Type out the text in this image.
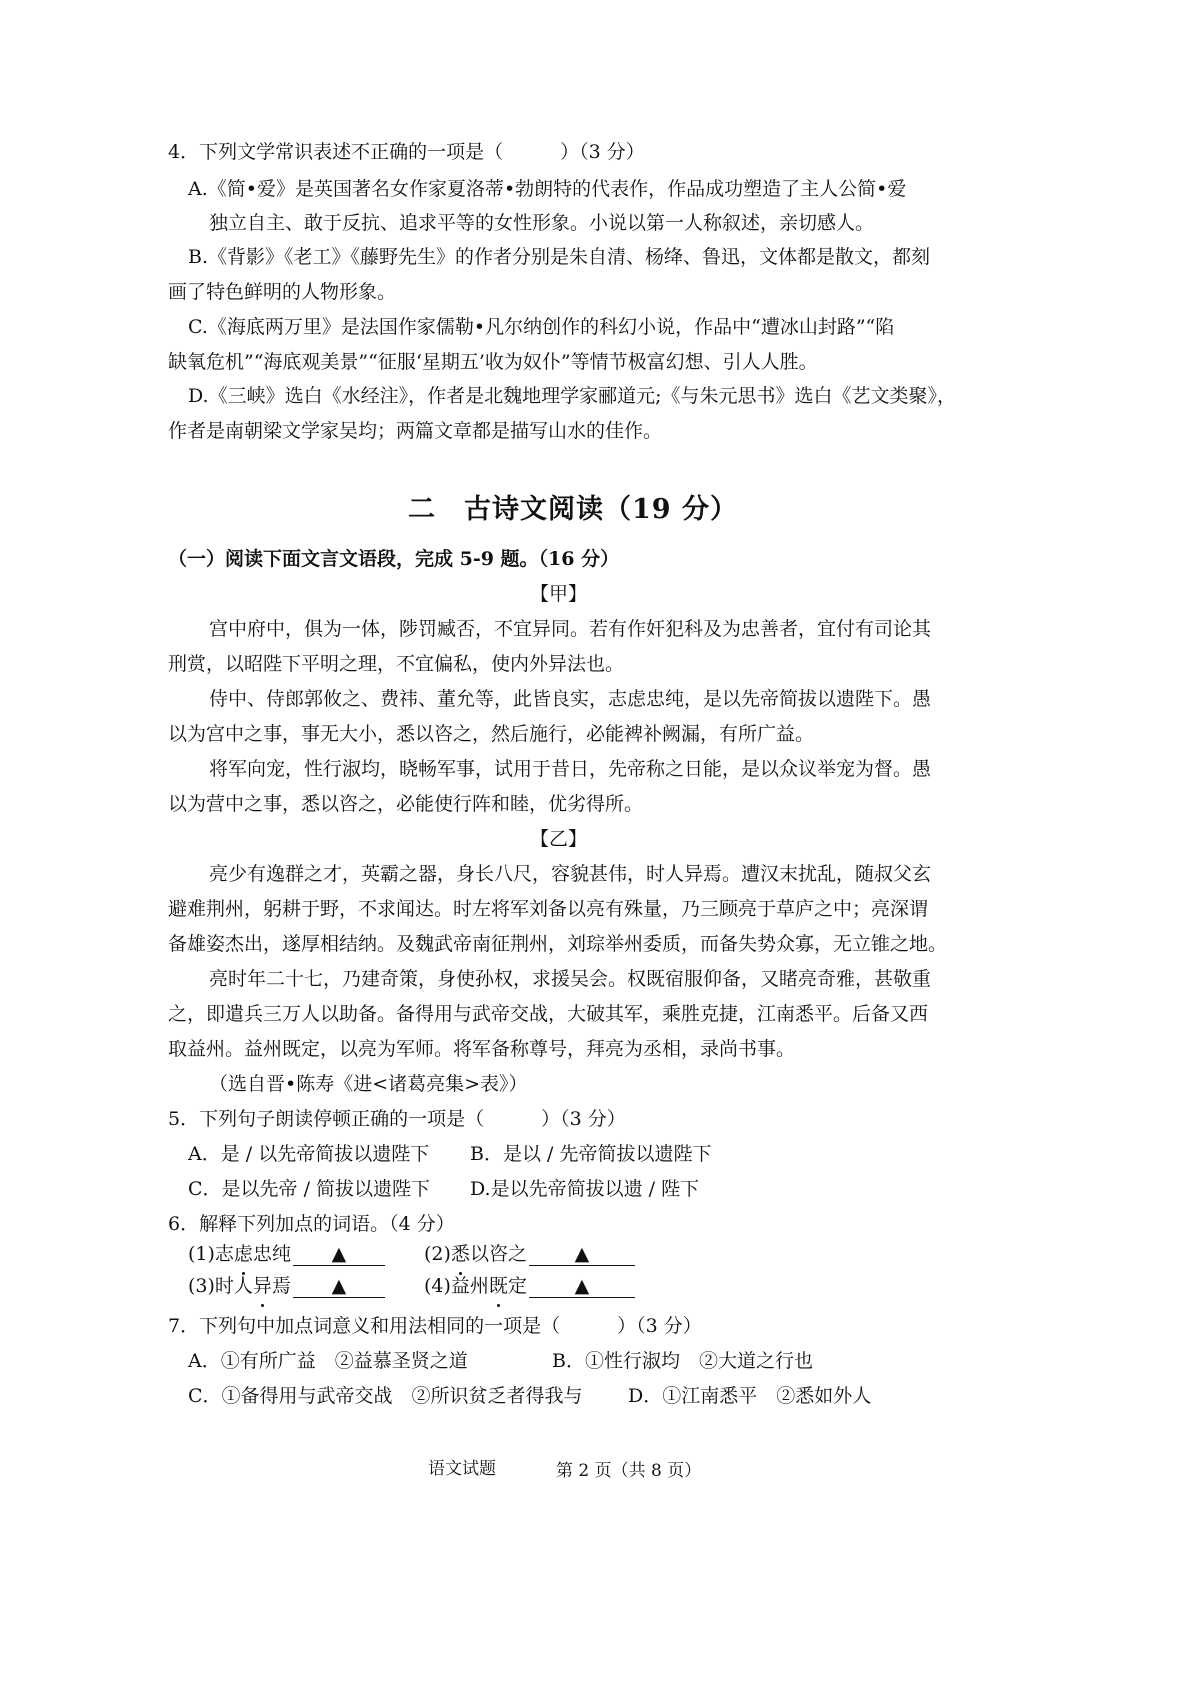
4．下列文学常识表述不正确的一项是（　　　）（3 分）
A.《简•爱》是英国著名女作家夏洛蒂•勃朗特的代表作，作品成功塑造了主人公简•爱
独立自主、敢于反抗、追求平等的女性形象。小说以第一人称叙述，亲切感人。
B.《背影》《老工》《藤野先生》的作者分别是朱自清、杨绛、鲁迅，文体都是散文，都刻
画了特色鲜明的人物形象。
C.《海底两万里》是法国作家儒勒•凡尔纳创作的科幻小说，作品中“遭冰山封路”“陷
缺氧危机”“海底观美景”“征服‘星期五’收为奴仆”等情节极富幻想、引人人胜。
D.《三峡》选白《水经注》，作者是北魏地理学家郦道元;《与朱元思书》选白《艺文类聚》，
作者是南朝梁文学家吴均；两篇文章都是描写山水的佳作。
二　古诗文阅读（19 分）
（一）阅读下面文言文语段，完成 5-9 题。（16 分）
【甲】
宫中府中，俱为一体，陟罚臧否，不宜异同。若有作奸犯科及为忠善者，宜付有司论其
刑赏，以昭陛下平明之理，不宜偏私，使内外异法也。
侍中、侍郎郭攸之、费祎、董允等，此皆良实，志虑忠纯，是以先帝简拔以遗陛下。愚
以为宫中之事，事无大小，悉以咨之，然后施行，必能裨补阙漏，有所广益。
将军向宠，性行淑均，晓畅军事，试用于昔日，先帝称之日能，是以众议举宠为督。愚
以为营中之事，悉以咨之，必能使行阵和睦，优劣得所。
【乙】
亮少有逸群之才，英霸之器，身长八尺，容貌甚伟，时人异焉。遭汉末扰乱，随叔父玄
避难荆州，躬耕于野，不求闻达。时左将军刘备以亮有殊量，乃三顾亮于草庐之中；亮深谓
备雄姿杰出，遂厚相结纳。及魏武帝南征荆州，刘琮举州委质，而备失势众寡，无立锥之地。
亮时年二十七，乃建奇策，身使孙权，求援吴会。权既宿服仰备，又睹亮奇雅，甚敬重
之，即遣兵三万人以助备。备得用与武帝交战，大破其军，乘胜克捷，江南悉平。后备又西
取益州。益州既定，以亮为军师。将军备称尊号，拜亮为丞相，录尚书事。
（选自晋•陈寿《进<诸葛亮集>表》）
5．下列句子朗读停顿正确的一项是（　　　）（3 分）
A．是 / 以先帝简拔以遗陛下 B．是以 / 先帝简拔以遗陛下
C．是以先帝 / 简拔以遗陛下 D.是以先帝简拔以遗 / 陛下
6．解释下列加点的词语。（4 分）
(1)志虑忠纯 ▲	(2)悉以咨之	▲
(3)时人异焉 ▲	(4)益州既定	▲
7．下列句中加点词意义和用法相同的一项是（　　　）（3 分）
A．①有所广益　②益慕圣贤之道	B．①性行淑均　②大道之行也
C．①备得用与武帝交战　②所识贫乏者得我与 D．①江南悉平　②悉如外人
语文试题	第 2 页（共 8 页）
